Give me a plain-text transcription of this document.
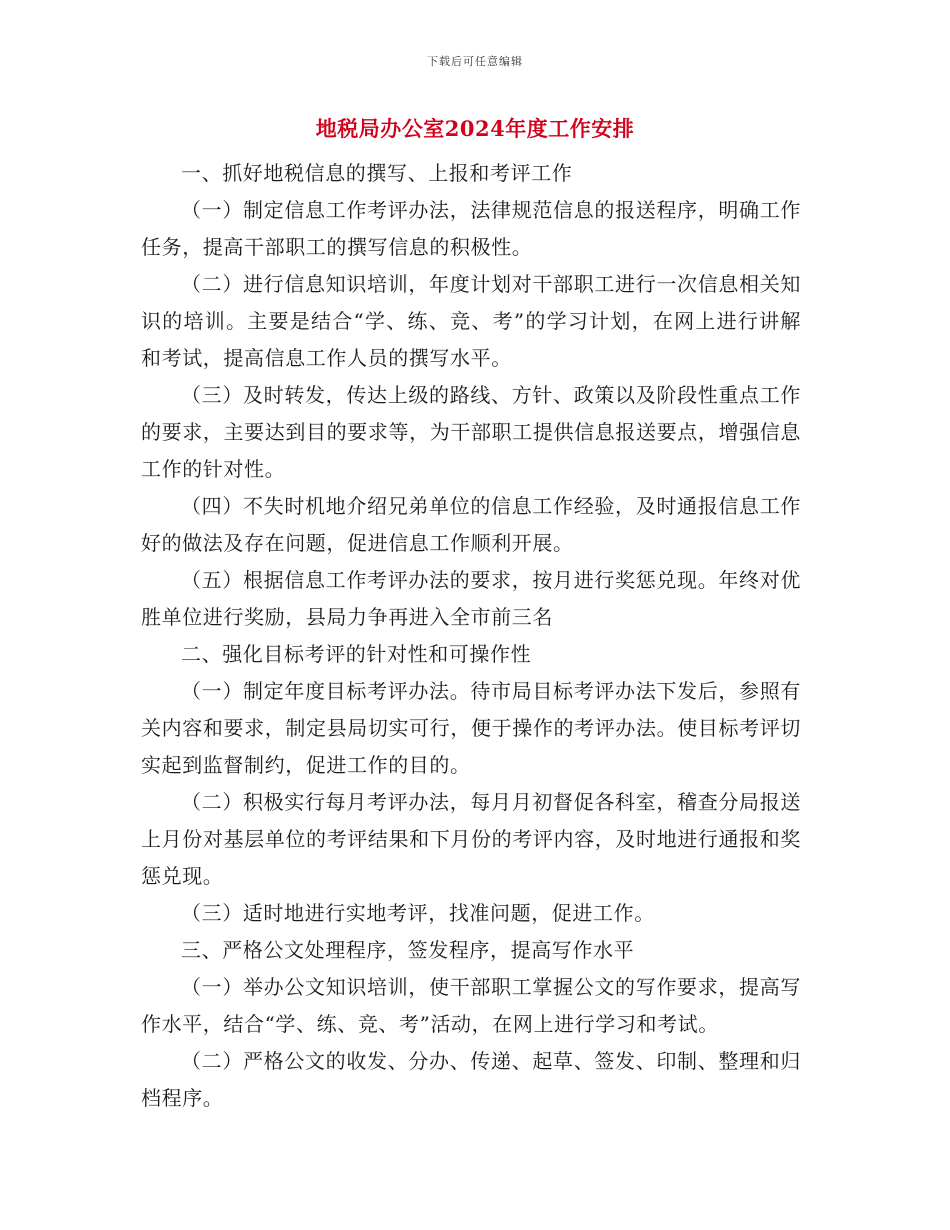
下载后可任意编辑
地税局办公室2024年度工作安排

一、抓好地税信息的撰写、上报和考评工作

（一）制定信息工作考评办法，法律规范信息的报送程序，明确工作任务，提高干部职工的撰写信息的积极性。

（二）进行信息知识培训，年度计划对干部职工进行一次信息相关知识的培训。主要是结合“学、练、竞、考”的学习计划，在网上进行讲解和考试，提高信息工作人员的撰写水平。

（三）及时转发，传达上级的路线、方针、政策以及阶段性重点工作的要求，主要达到目的要求等，为干部职工提供信息报送要点，增强信息工作的针对性。

（四）不失时机地介绍兄弟单位的信息工作经验，及时通报信息工作好的做法及存在问题，促进信息工作顺利开展。

（五）根据信息工作考评办法的要求，按月进行奖惩兑现。年终对优胜单位进行奖励，县局力争再进入全市前三名

二、强化目标考评的针对性和可操作性

（一）制定年度目标考评办法。待市局目标考评办法下发后，参照有关内容和要求，制定县局切实可行，便于操作的考评办法。使目标考评切实起到监督制约，促进工作的目的。

（二）积极实行每月考评办法，每月月初督促各科室，稽查分局报送上月份对基层单位的考评结果和下月份的考评内容，及时地进行通报和奖惩兑现。

（三）适时地进行实地考评，找准问题，促进工作。

三、严格公文处理程序，签发程序，提高写作水平

（一）举办公文知识培训，使干部职工掌握公文的写作要求，提高写作水平，结合“学、练、竞、考”活动，在网上进行学习和考试。

（二）严格公文的收发、分办、传递、起草、签发、印制、整理和归档程序。
